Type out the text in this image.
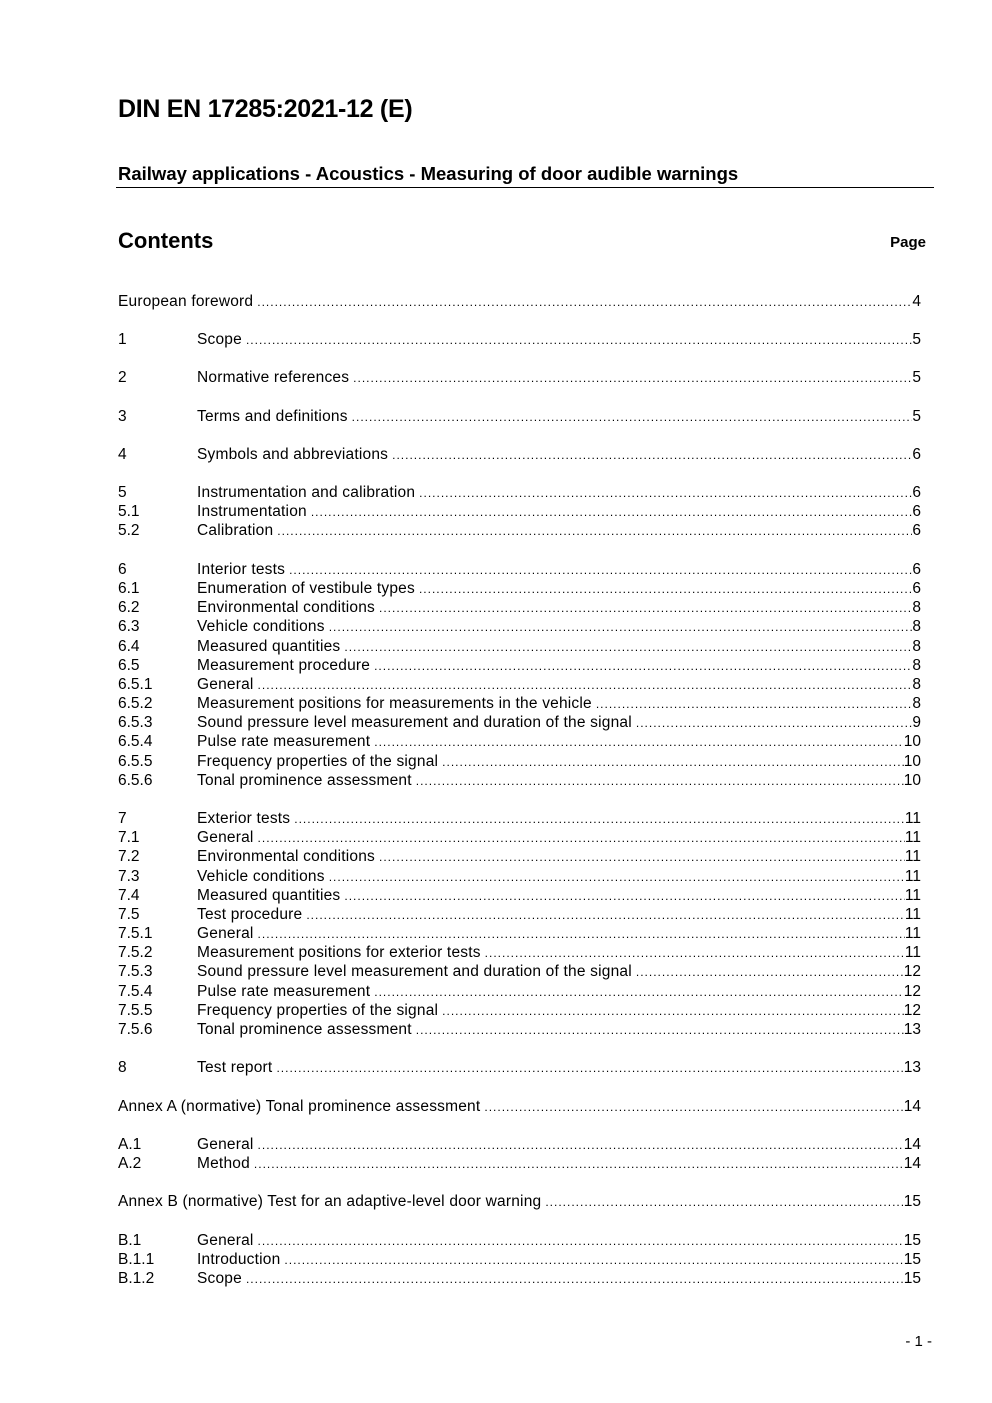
DIN EN 17285:2021-12 (E)
Railway applications - Acoustics - Measuring of door audible warnings
Contents	Page
European foreword .....	4
1	Scope .....	5
2	Normative references .....	5
3	Terms and definitions .....	5
4	Symbols and abbreviations .....	6
5	Instrumentation and calibration .....	6
5.1	Instrumentation .....	6
5.2	Calibration .....	6
6	Interior tests .....	6
6.1	Enumeration of vestibule types .....	6
6.2	Environmental conditions .....	8
6.3	Vehicle conditions .....	8
6.4	Measured quantities .....	8
6.5	Measurement procedure .....	8
6.5.1	General .....	8
6.5.2	Measurement positions for measurements in the vehicle .....	8
6.5.3	Sound pressure level measurement and duration of the signal .....	9
6.5.4	Pulse rate measurement .....	10
6.5.5	Frequency properties of the signal .....	10
6.5.6	Tonal prominence assessment .....	10
7	Exterior tests .....	11
7.1	General .....	11
7.2	Environmental conditions .....	11
7.3	Vehicle conditions .....	11
7.4	Measured quantities .....	11
7.5	Test procedure .....	11
7.5.1	General .....	11
7.5.2	Measurement positions for exterior tests .....	11
7.5.3	Sound pressure level measurement and duration of the signal .....	12
7.5.4	Pulse rate measurement .....	12
7.5.5	Frequency properties of the signal .....	12
7.5.6	Tonal prominence assessment .....	13
8	Test report .....	13
Annex A (normative) Tonal prominence assessment .....	14
A.1	General .....	14
A.2	Method .....	14
Annex B (normative) Test for an adaptive-level door warning .....	15
B.1	General .....	15
B.1.1	Introduction .....	15
B.1.2	Scope .....	15
- 1 -
